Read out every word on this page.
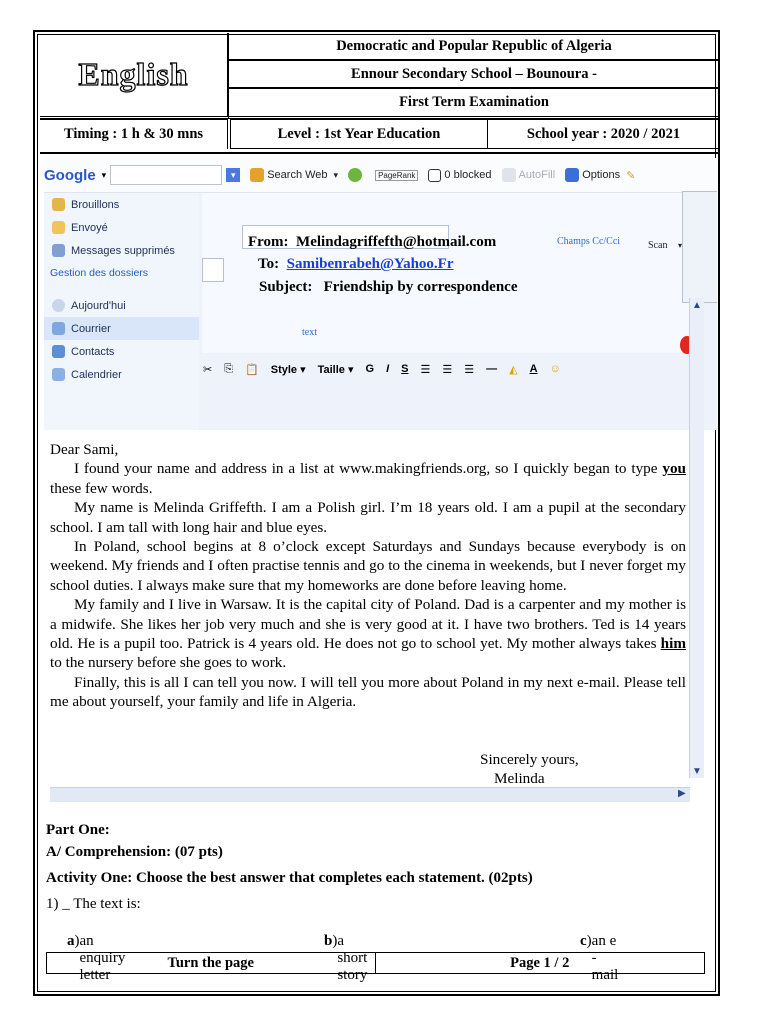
English
Democratic and Popular Republic of Algeria
Ennour Secondary School – Bounoura -
First Term Examination
Timing : 1 h & 30 mns	Level : 1st Year Education	School year : 2020 / 2021
Google ▾	▾	Search Web ▾	PageRank	0 blocked AutoFill Options ✎
Brouillons
Envoyé
Messages supprimés
Gestion des dossiers
Aujourd'hui
Courrier
Contacts
Calendrier
From: Melindagriffefth@hotmail.com
To: Samibenrabeh@Yahoo.Fr
Subject: Friendship by correspondence
Champs Cc/Cci	Scan ▾
text
✂ ⎘ 📋 Style ▾ Taille ▾ G I S ☰ ☰ ☰ — ◭ A ☺
▲
▼
▶

Dear Sami,

I found your name and address in a list at www.makingfriends.org, so I quickly began to type you these few words.

My name is Melinda Griffefth. I am a Polish girl. I’m 18 years old. I am a pupil at the secondary school. I am tall with long hair and blue eyes.

In Poland, school begins at 8 o’clock except Saturdays and Sundays because everybody is on weekend. My friends and I often practise tennis and go to the cinema in weekends, but I never forget my school duties. I always make sure that my homeworks are done before leaving home.

My family and I live in Warsaw. It is the capital city of Poland. Dad is a carpenter and my mother is a midwife. She likes her job very much and she is very good at it. I have two brothers. Ted is 14 years old. He is a pupil too. Patrick is 4 years old. He does not go to school yet. My mother always takes him to the nursery before she goes to work.

Finally, this is all I can tell you now. I will tell you more about Poland in my next e-mail. Please tell me about yourself, your family and life in Algeria.

Sincerely yours,
Melinda
Part One:
A/ Comprehension: (07 pts)
Activity One: Choose the best answer that completes each statement. (02pts)
1) _ The text is:
a) an enquiry letter
b) a short story
c) an e -mail
Turn the page	Page 1 / 2
